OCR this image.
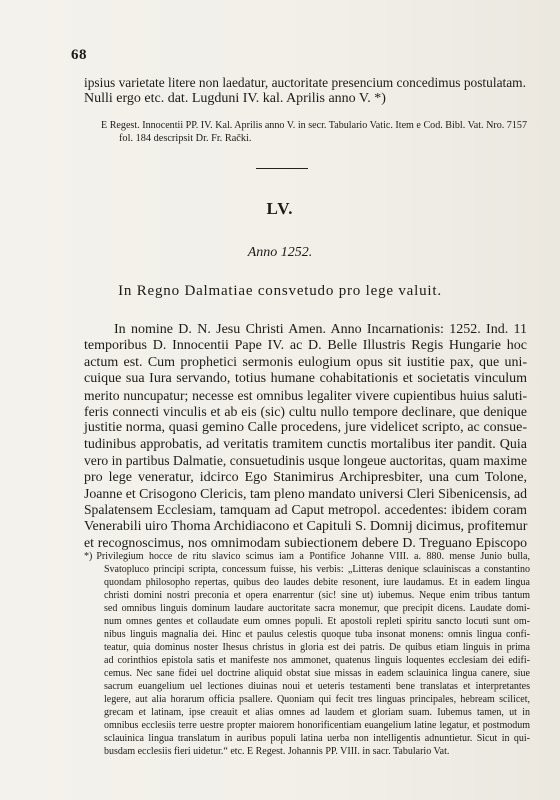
68
ipsius varietate litere non laedatur, auctoritate presencium concedimus postulatam.
Nulli ergo etc. dat. Lugduni IV. kal. Aprilis anno V. *)
E Regest. Innocentii PP. IV. Kal. Aprilis anno V. in secr. Tabulario Vatic. Item e Cod. Bibl. Vat. Nro. 7157
fol. 184 descripsit Dr. Fr. Rački.
LV.
Anno 1252.
In Regno Dalmatiae consvetudo pro lege valuit.
In nomine D. N. Jesu Christi Amen. Anno Incarnationis: 1252. Ind. 11
temporibus D. Innocentii Pape IV. ac D. Belle Illustris Regis Hungarie hoc
actum est. Cum prophetici sermonis eulogium opus sit iustitie pax, que uni-
cuique sua Iura servando, totius humane cohabitationis et societatis vinculum
merito nuncupatur; necesse est omnibus legaliter vivere cupientibus huius saluti-
feris connecti vinculis et ab eis (sic) cultu nullo tempore declinare, que denique
justitie norma, quasi gemino Calle procedens, jure videlicet scripto, ac consue-
tudinibus approbatis, ad veritatis tramitem cunctis mortalibus iter pandit. Quia
vero in partibus Dalmatie, consuetudinis usque longeue auctoritas, quam maxime
pro lege veneratur, idcirco Ego Stanimirus Archipresbiter, una cum Tolone,
Joanne et Crisogono Clericis, tam pleno mandato universi Cleri Sibenicensis, ad
Spalatensem Ecclesiam, tamquam ad Caput metropol. accedentes: ibidem coram
Venerabili uiro Thoma Archidiacono et Capituli S. Domnij dicimus, profitemur
et recognoscimus, nos omnimodam subiectionem debere D. Treguano Episcopo
*) Privilegium hocce de ritu slavico scimus iam a Pontifice Johanne VIII. a. 880. mense Junio bulla,
Svatopluco principi scripta, concessum fuisse, his verbis: „Litteras denique sclauiniscas a constantino
quondam philosopho repertas, quibus deo laudes debite resonent, iure laudamus. Et in eadem lingua
christi domini nostri preconia et opera enarrentur (sic! sine ut) iubemus. Neque enim tribus tantum
sed omnibus linguis dominum laudare auctoritate sacra monemur, que precipit dicens. Laudate domi-
num omnes gentes et collaudate eum omnes populi. Et apostoli repleti spiritu sancto locuti sunt om-
nibus linguis magnalia dei. Hinc et paulus celestis quoque tuba insonat monens: omnis lingua confi-
teatur, quia dominus noster Ihesus christus in gloria est dei patris. De quibus etiam linguis in prima
ad corinthios epistola satis et manifeste nos ammonet, quatenus linguis loquentes ecclesiam dei edifi-
cemus. Nec sane fidei uel doctrine aliquid obstat siue missas in eadem sclauinica lingua canere, siue
sacrum euangelium uel lectiones diuinas noui et ueteris testamenti bene translatas et interpretantes
legere, aut alia horarum officia psallere. Quoniam qui fecit tres linguas principales, hebream scilicet,
grecam et latinam, ipse creauit et alias omnes ad laudem et gloriam suam. Iubemus tamen, ut in
omnibus ecclesiis terre uestre propter maiorem honorificentiam euangelium latine legatur, et postmodum
sclauinica lingua translatum in auribus populi latina uerba non intelligentis adnuntietur. Sicut in qui-
busdam ecclesiis fieri uidetur.“ etc. E Regest. Johannis PP. VIII. in sacr. Tabulario Vat.
